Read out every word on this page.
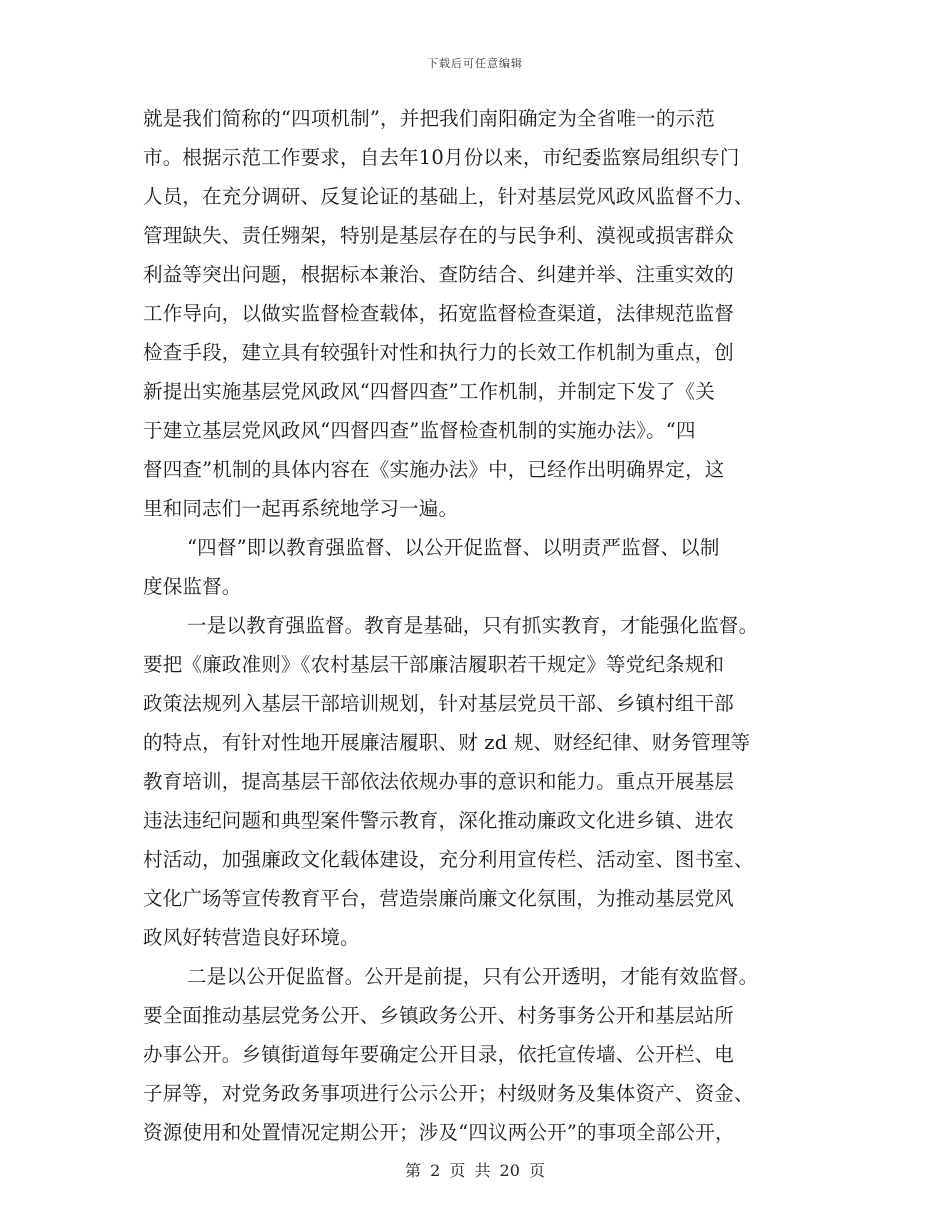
下载后可任意编辑
就是我们简称的“四项机制”，并把我们南阳确定为全省唯一的示范
市。根据示范工作要求，自去年10月份以来，市纪委监察局组织专门
人员，在充分调研、反复论证的基础上，针对基层党风政风监督不力、
管理缺失、责任翙架，特别是基层存在的与民争利、漠视或损害群众
利益等突出问题，根据标本兼治、查防结合、纠建并举、注重实效的
工作导向，以做实监督检查载体，拓宽监督检查渠道，法律规范监督
检查手段，建立具有较强针对性和执行力的长效工作机制为重点，创
新提出实施基层党风政风“四督四查”工作机制，并制定下发了《关
于建立基层党风政风“四督四查”监督检查机制的实施办法》。“四
督四查”机制的具体内容在《实施办法》中，已经作出明确界定，这
里和同志们一起再系统地学习一遍。
“四督”即以教育强监督、以公开促监督、以明责严监督、以制
度保监督。
一是以教育强监督。教育是基础，只有抓实教育，才能强化监督。
要把《廉政准则》《农村基层干部廉洁履职若干规定》等党纪条规和
政策法规列入基层干部培训规划，针对基层党员干部、乡镇村组干部
的特点，有针对性地开展廉洁履职、财 zd 规、财经纪律、财务管理等
教育培训，提高基层干部依法依规办事的意识和能力。重点开展基层
违法违纪问题和典型案件警示教育，深化推动廉政文化进乡镇、进农
村活动，加强廉政文化载体建设，充分利用宣传栏、活动室、图书室、
文化广场等宣传教育平台，营造崇廉尚廉文化氛围，为推动基层党风
政风好转营造良好环境。
二是以公开促监督。公开是前提，只有公开透明，才能有效监督。
要全面推动基层党务公开、乡镇政务公开、村务事务公开和基层站所
办事公开。乡镇街道每年要确定公开目录，依托宣传墙、公开栏、电
子屏等，对党务政务事项进行公示公开；村级财务及集体资产、资金、
资源使用和处置情况定期公开；涉及“四议两公开”的事项全部公开，
第 2 页 共 20 页
